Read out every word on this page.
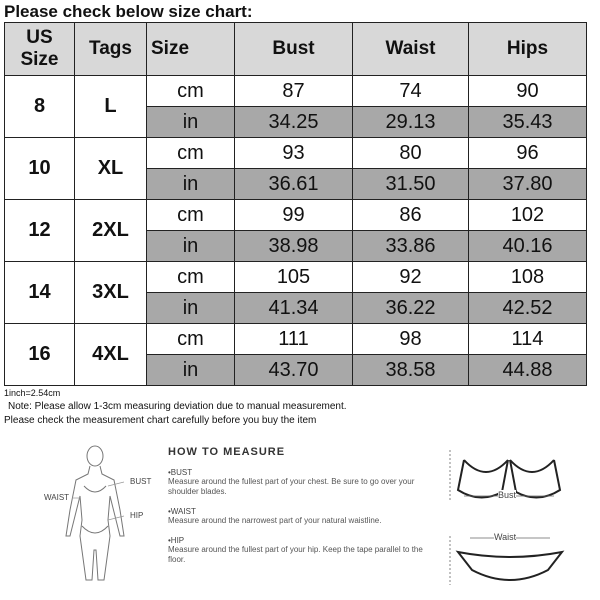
Please check below size chart:
US Size	Tags	Size	Bust	Waist	Hips
8	L	cm	87	74	90
		in	34.25	29.13	35.43
10	XL	cm	93	80	96
		in	36.61	31.50	37.80
12	2XL	cm	99	86	102
		in	38.98	33.86	40.16
14	3XL	cm	105	92	108
		in	41.34	36.22	42.52
16	4XL	cm	111	98	114
		in	43.70	38.58	44.88
1inch=2.54cm
Note: Please allow 1-3cm measuring deviation due to manual measurement.
Please check the measurement chart carefully before you buy the item
BUST
WAIST
HIP
HOW TO MEASURE
•BUST
Measure around the fullest part of your chest. Be sure to go over your shoulder blades.
•WAIST
Measure around the narrowest part of your natural waistline.
•HIP
Measure around the fullest part of your hip. Keep the tape parallel to the floor.
Bust
Waist
